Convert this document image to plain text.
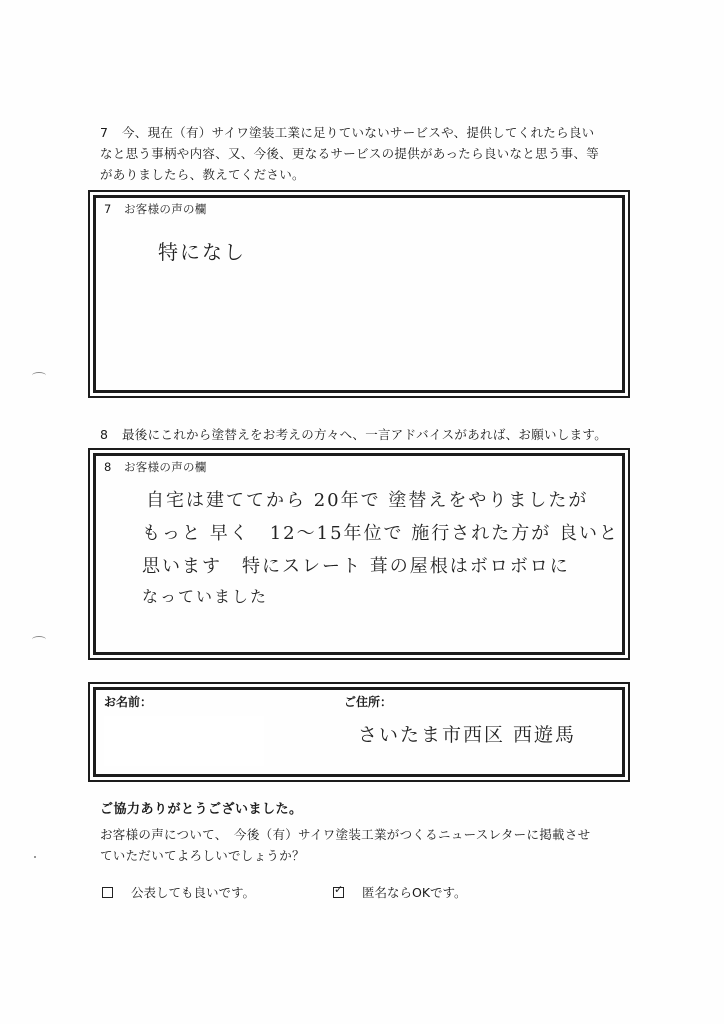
7 今、現在（有）サイワ塗装工業に足りていないサービスや、提供してくれたら良い
なと思う事柄や内容、又、今後、更なるサービスの提供があったら良いなと思う事、等
がありましたら、教えてください。
7 お客様の声の欄
特になし
8 最後にこれから塗替えをお考えの方々へ、一言アドバイスがあれば、お願いします。
8 お客様の声の欄
自宅は建ててから 20年で 塗替えをやりましたが
もっと 早く　12～15年位で 施行された方が 良いと
思います　特にスレート 葺の屋根はボロボロに
なっていました
お名前：	ご住所：
さいたま市西区 西遊馬
ご協力ありがとうございました。
お客様の声について、　今後（有）サイワ塗装工業がつくるニュースレターに掲載させ
ていただいてよろしいでしょうか？
公表しても良いです。	✓ 匿名ならOKです。
